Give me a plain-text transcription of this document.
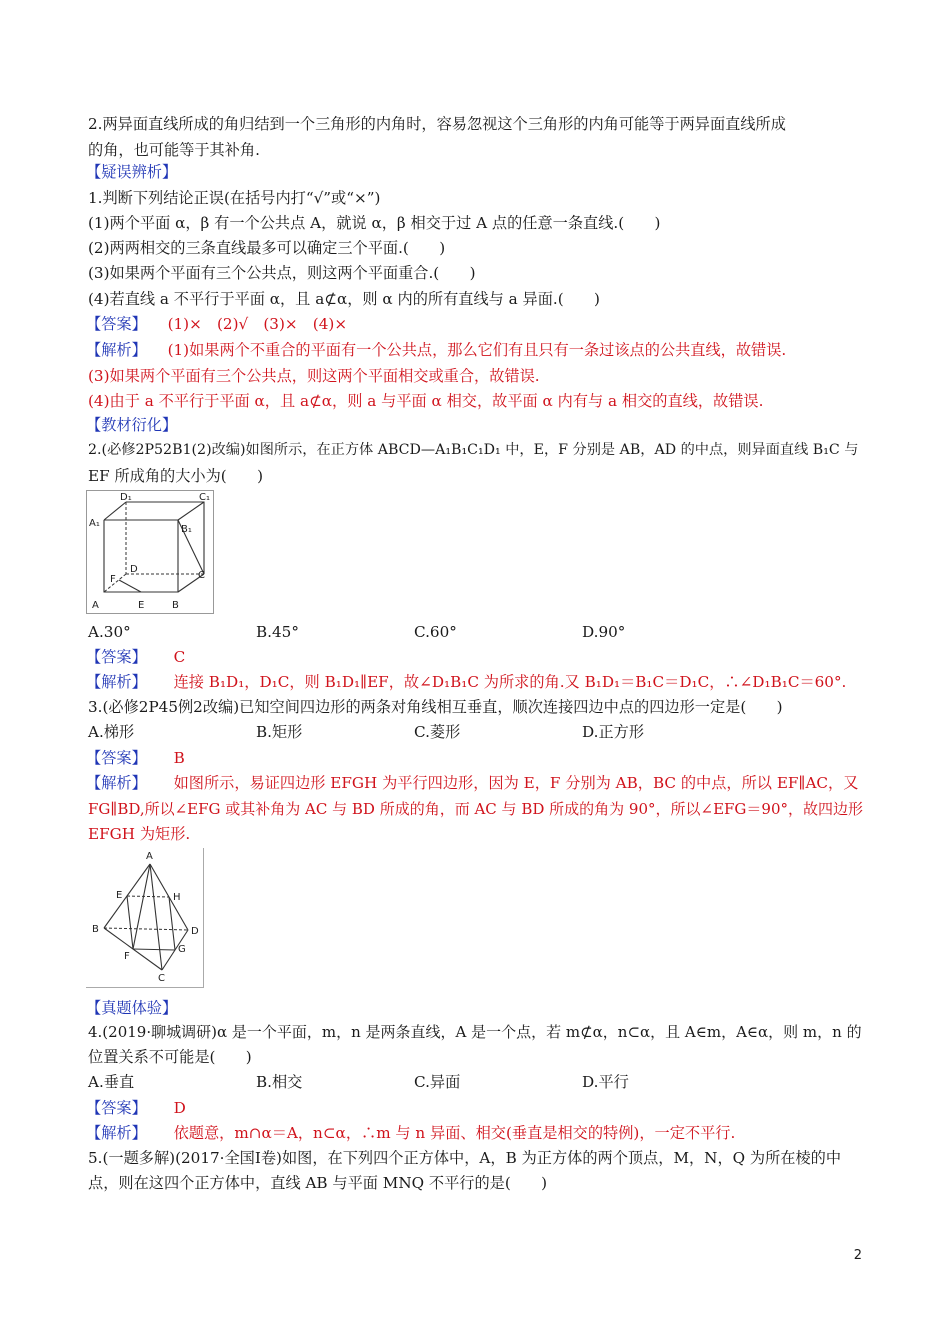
2.两异面直线所成的角归结到一个三角形的内角时，容易忽视这个三角形的内角可能等于两异面直线所成
的角，也可能等于其补角.
【疑误辨析】
1.判断下列结论正误(在括号内打“√”或“×”)
(1)两个平面 α，β 有一个公共点 A，就说 α，β 相交于过 A 点的任意一条直线.(　　)
(2)两两相交的三条直线最多可以确定三个平面.(　　)
(3)如果两个平面有三个公共点，则这两个平面重合.(　　)
(4)若直线 a 不平行于平面 α，且 a⊄α，则 α 内的所有直线与 a 异面.(　　)
【答案】 (1)×　(2)√　(3)×　(4)×
【解析】 (1)如果两个不重合的平面有一个公共点，那么它们有且只有一条过该点的公共直线，故错误.
(3)如果两个平面有三个公共点，则这两个平面相交或重合，故错误.
(4)由于 a 不平行于平面 α，且 a⊄α，则 a 与平面 α 相交，故平面 α 内有与 a 相交的直线，故错误.
【教材衍化】
2.(必修2P52B1(2)改编)如图所示，在正方体 ABCD—A₁B₁C₁D₁ 中，E，F 分别是 AB，AD 的中点，则异面直线 B₁C 与
EF 所成角的大小为(　　)
D₁	C₁
A₁
B₁
D
C
F
A	E	B
A.30°	B.45°	C.60°	D.90°
【答案】 C
【解析】 连接 B₁D₁，D₁C，则 B₁D₁∥EF，故∠D₁B₁C 为所求的角.又 B₁D₁＝B₁C＝D₁C，∴∠D₁B₁C＝60°.
3.(必修2P45例2改编)已知空间四边形的两条对角线相互垂直，顺次连接四边中点的四边形一定是(　　)
A.梯形	B.矩形	C.菱形	D.正方形
【答案】 B
【解析】 如图所示，易证四边形 EFGH 为平行四边形，因为 E，F 分别为 AB，BC 的中点，所以 EF∥AC，又
FG∥BD,所以∠EFG 或其补角为 AC 与 BD 所成的角，而 AC 与 BD 所成的角为 90°，所以∠EFG＝90°，故四边形
EFGH 为矩形.
A
E	H
B	D
G
F
C
【真题体验】
4.(2019·聊城调研)α 是一个平面，m，n 是两条直线，A 是一个点，若 m⊄α，n⊂α，且 A∈m，A∈α，则 m，n 的
位置关系不可能是(　　)
A.垂直	B.相交	C.异面	D.平行
【答案】 D
【解析】 依题意，m∩α＝A，n⊂α，∴m 与 n 异面、相交(垂直是相交的特例)，一定不平行.
5.(一题多解)(2017·全国Ⅰ卷)如图，在下列四个正方体中，A，B 为正方体的两个顶点，M，N，Q 为所在棱的中
点，则在这四个正方体中，直线 AB 与平面 MNQ 不平行的是(　　)
2
